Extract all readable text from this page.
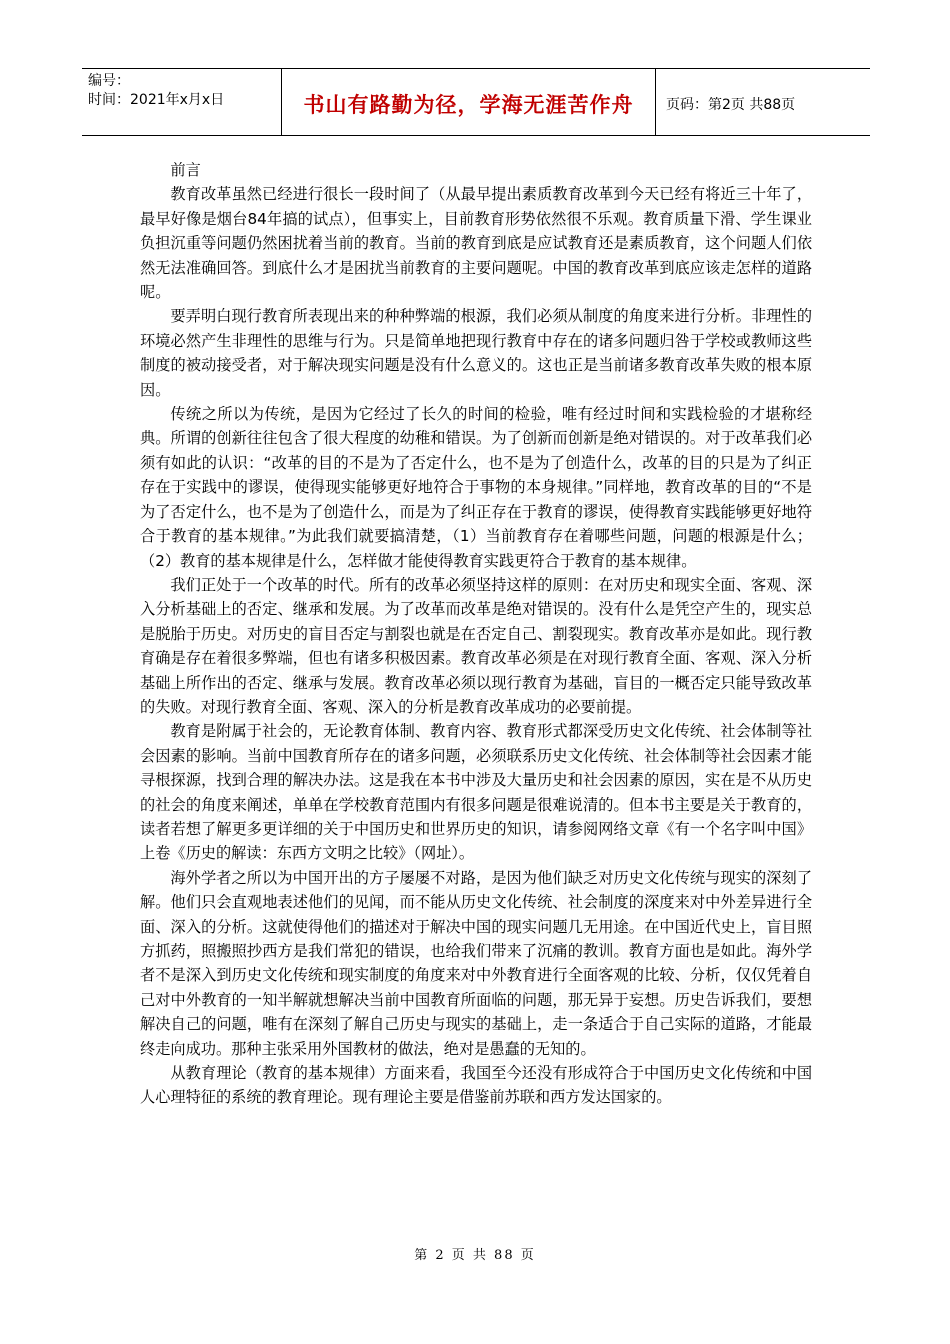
编号：
时间：2021年x月x日	书山有路勤为径，学海无涯苦作舟	页码：第2页 共88页

前言

教育改革虽然已经进行很长一段时间了（从最早提出素质教育改革到今天已经有将近三十年了，最早好像是烟台84年搞的试点），但事实上，目前教育形势依然很不乐观。教育质量下滑、学生课业负担沉重等问题仍然困扰着当前的教育。当前的教育到底是应试教育还是素质教育，这个问题人们依然无法准确回答。到底什么才是困扰当前教育的主要问题呢。中国的教育改革到底应该走怎样的道路呢。

要弄明白现行教育所表现出来的种种弊端的根源，我们必须从制度的角度来进行分析。非理性的环境必然产生非理性的思维与行为。只是简单地把现行教育中存在的诸多问题归咎于学校或教师这些制度的被动接受者，对于解决现实问题是没有什么意义的。这也正是当前诸多教育改革失败的根本原因。

传统之所以为传统，是因为它经过了长久的时间的检验，唯有经过时间和实践检验的才堪称经典。所谓的创新往往包含了很大程度的幼稚和错误。为了创新而创新是绝对错误的。对于改革我们必须有如此的认识：“改革的目的不是为了否定什么，也不是为了创造什么，改革的目的只是为了纠正存在于实践中的谬误，使得现实能够更好地符合于事物的本身规律。”同样地，教育改革的目的“不是为了否定什么，也不是为了创造什么，而是为了纠正存在于教育的谬误，使得教育实践能够更好地符合于教育的基本规律。”为此我们就要搞清楚，（1）当前教育存在着哪些问题，问题的根源是什么；（2）教育的基本规律是什么，怎样做才能使得教育实践更符合于教育的基本规律。

我们正处于一个改革的时代。所有的改革必须坚持这样的原则：在对历史和现实全面、客观、深入分析基础上的否定、继承和发展。为了改革而改革是绝对错误的。没有什么是凭空产生的，现实总是脱胎于历史。对历史的盲目否定与割裂也就是在否定自己、割裂现实。教育改革亦是如此。现行教育确是存在着很多弊端，但也有诸多积极因素。教育改革必须是在对现行教育全面、客观、深入分析基础上所作出的否定、继承与发展。教育改革必须以现行教育为基础，盲目的一概否定只能导致改革的失败。对现行教育全面、客观、深入的分析是教育改革成功的必要前提。

教育是附属于社会的，无论教育体制、教育内容、教育形式都深受历史文化传统、社会体制等社会因素的影响。当前中国教育所存在的诸多问题，必须联系历史文化传统、社会体制等社会因素才能寻根探源，找到合理的解决办法。这是我在本书中涉及大量历史和社会因素的原因，实在是不从历史的社会的角度来阐述，单单在学校教育范围内有很多问题是很难说清的。但本书主要是关于教育的，读者若想了解更多更详细的关于中国历史和世界历史的知识，请参阅网络文章《有一个名字叫中国》上卷《历史的解读：东西方文明之比较》（网址）。

海外学者之所以为中国开出的方子屡屡不对路，是因为他们缺乏对历史文化传统与现实的深刻了解。他们只会直观地表述他们的见闻，而不能从历史文化传统、社会制度的深度来对中外差异进行全面、深入的分析。这就使得他们的描述对于解决中国的现实问题几无用途。在中国近代史上，盲目照方抓药，照搬照抄西方是我们常犯的错误，也给我们带来了沉痛的教训。教育方面也是如此。海外学者不是深入到历史文化传统和现实制度的角度来对中外教育进行全面客观的比较、分析，仅仅凭着自己对中外教育的一知半解就想解决当前中国教育所面临的问题，那无异于妄想。历史告诉我们，要想解决自己的问题，唯有在深刻了解自己历史与现实的基础上，走一条适合于自己实际的道路，才能最终走向成功。那种主张采用外国教材的做法，绝对是愚蠢的无知的。

从教育理论（教育的基本规律）方面来看，我国至今还没有形成符合于中国历史文化传统和中国人心理特征的系统的教育理论。现有理论主要是借鉴前苏联和西方发达国家的。

第 2 页 共 88 页
